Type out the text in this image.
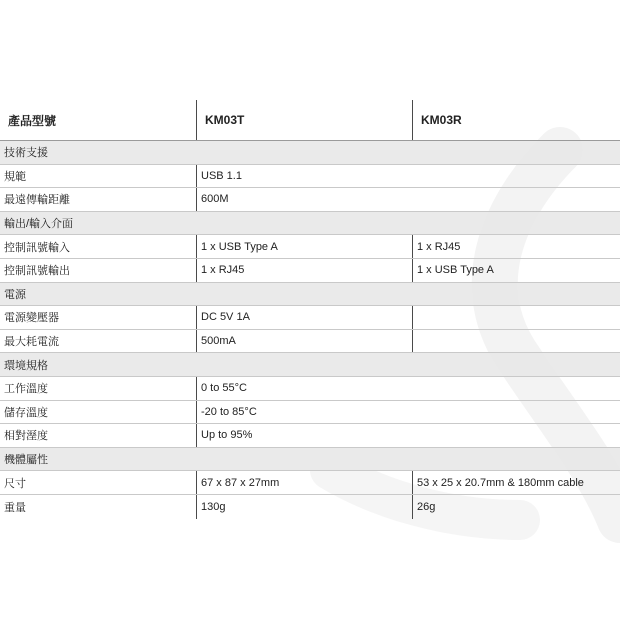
產品型號	KM03T	KM03R
技術支援
規範	USB 1.1
最遠傳輸距離	600M
輸出/輸入介面
控制訊號輸入	1 x USB Type A	1 x RJ45
控制訊號輸出	1 x RJ45	1 x USB Type A
電源
電源變壓器	DC 5V 1A
最大耗電流	500mA
環境規格
工作溫度	0 to 55°C
儲存溫度	-20 to 85°C
相對溼度	Up to 95%
機體屬性
尺寸	67 x 87 x 27mm	53 x 25 x 20.7mm & 180mm cable
重量	130g	26g
